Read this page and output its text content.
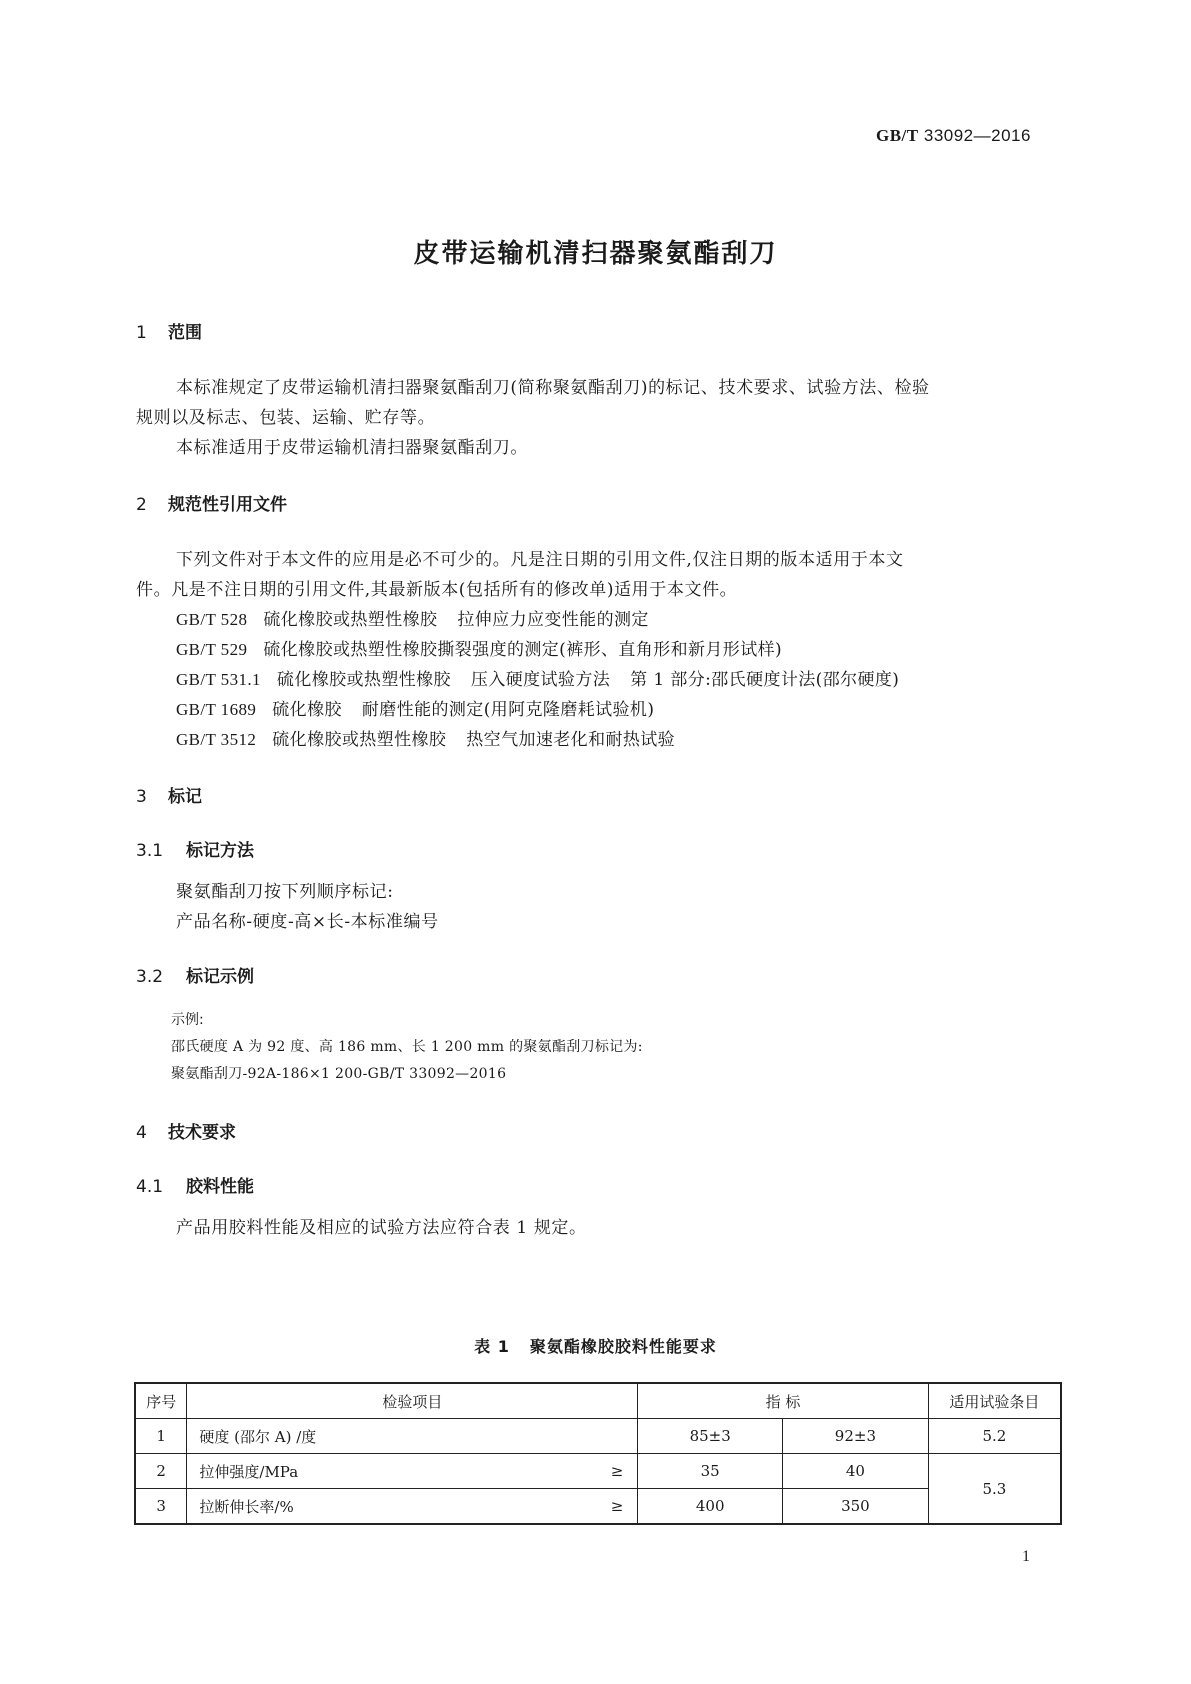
GB/T 33092—2016
皮带运输机清扫器聚氨酯刮刀
1 范围
本标准规定了皮带运输机清扫器聚氨酯刮刀(简称聚氨酯刮刀)的标记、技术要求、试验方法、检验
规则以及标志、包装、运输、贮存等。
本标准适用于皮带运输机清扫器聚氨酯刮刀。
2 规范性引用文件
下列文件对于本文件的应用是必不可少的。凡是注日期的引用文件,仅注日期的版本适用于本文
件。凡是不注日期的引用文件,其最新版本(包括所有的修改单)适用于本文件。
GB/T 528 硫化橡胶或热塑性橡胶 拉伸应力应变性能的测定
GB/T 529 硫化橡胶或热塑性橡胶撕裂强度的测定(裤形、直角形和新月形试样)
GB/T 531.1 硫化橡胶或热塑性橡胶 压入硬度试验方法 第 1 部分:邵氏硬度计法(邵尔硬度)
GB/T 1689 硫化橡胶 耐磨性能的测定(用阿克隆磨耗试验机)
GB/T 3512 硫化橡胶或热塑性橡胶 热空气加速老化和耐热试验
3 标记
3.1 标记方法
聚氨酯刮刀按下列顺序标记:
产品名称-硬度-高×长-本标准编号
3.2 标记示例
示例:
邵氏硬度 A 为 92 度、高 186 mm、长 1 200 mm 的聚氨酯刮刀标记为:
聚氨酯刮刀-92A-186×1 200-GB/T 33092—2016
4 技术要求
4.1 胶料性能
产品用胶料性能及相应的试验方法应符合表 1 规定。
表 1 聚氨酯橡胶胶料性能要求
序号	检验项目	指 标		适用试验条目
1	硬度 (邵尔 A) /度	85±3	92±3	5.2
2	拉伸强度/MPa ≥	35	40	5.3
3	拉断伸长率/% ≥	400	350	
1
